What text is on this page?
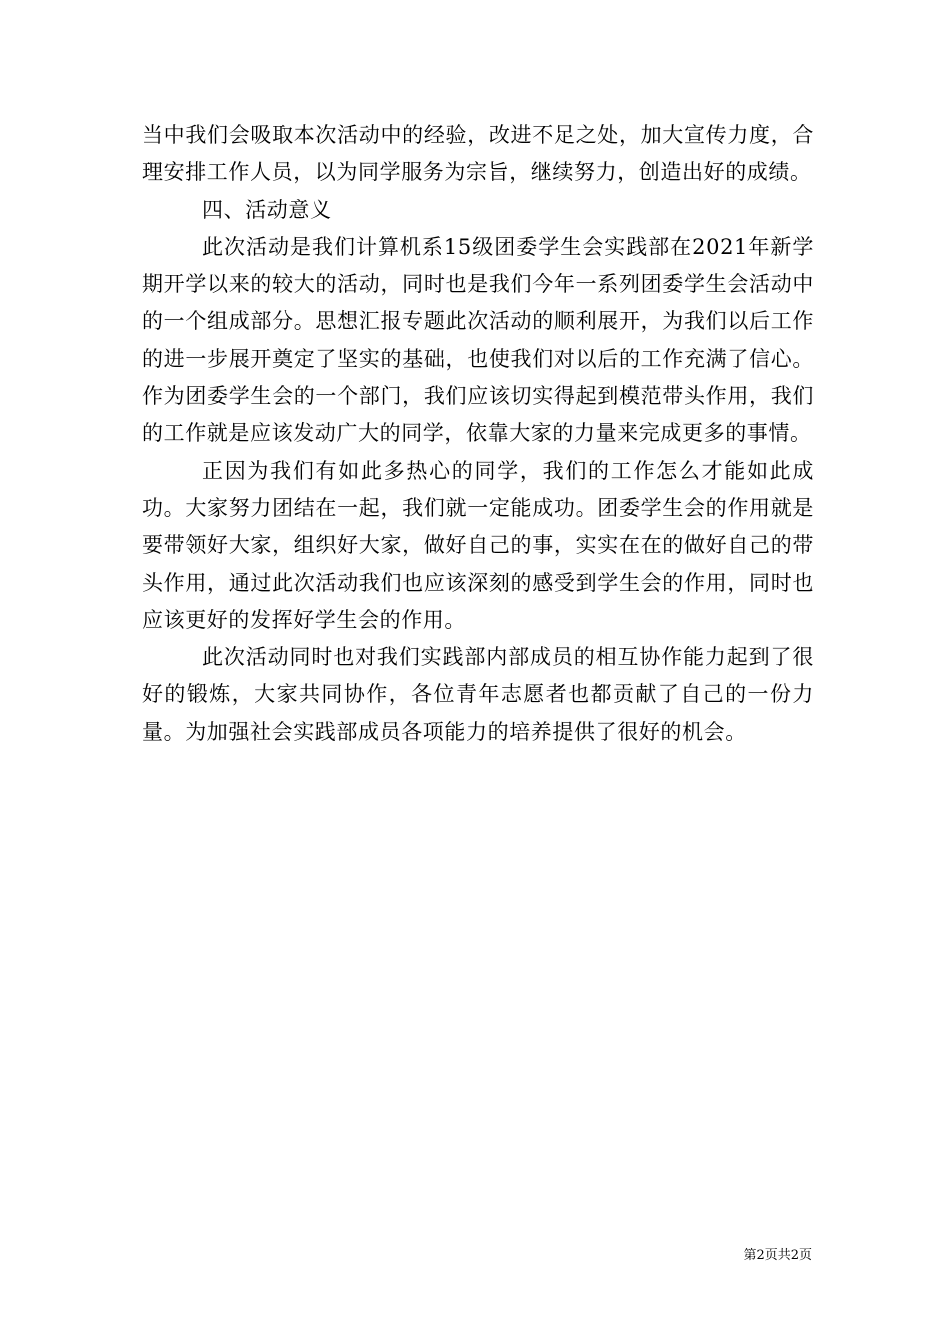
当中我们会吸取本次活动中的经验，改进不足之处，加大宣传力度，合理安排工作人员，以为同学服务为宗旨，继续努力，创造出好的成绩。

四、活动意义

此次活动是我们计算机系15级团委学生会实践部在2021年新学期开学以来的较大的活动，同时也是我们今年一系列团委学生会活动中的一个组成部分。思想汇报专题此次活动的顺利展开，为我们以后工作的进一步展开奠定了坚实的基础，也使我们对以后的工作充满了信心。作为团委学生会的一个部门，我们应该切实得起到模范带头作用，我们的工作就是应该发动广大的同学，依靠大家的力量来完成更多的事情。

正因为我们有如此多热心的同学，我们的工作怎么才能如此成功。大家努力团结在一起，我们就一定能成功。团委学生会的作用就是要带领好大家，组织好大家，做好自己的事，实实在在的做好自己的带头作用，通过此次活动我们也应该深刻的感受到学生会的作用，同时也应该更好的发挥好学生会的作用。

此次活动同时也对我们实践部内部成员的相互协作能力起到了很好的锻炼，大家共同协作，各位青年志愿者也都贡献了自己的一份力量。为加强社会实践部成员各项能力的培养提供了很好的机会。

第2页共2页
